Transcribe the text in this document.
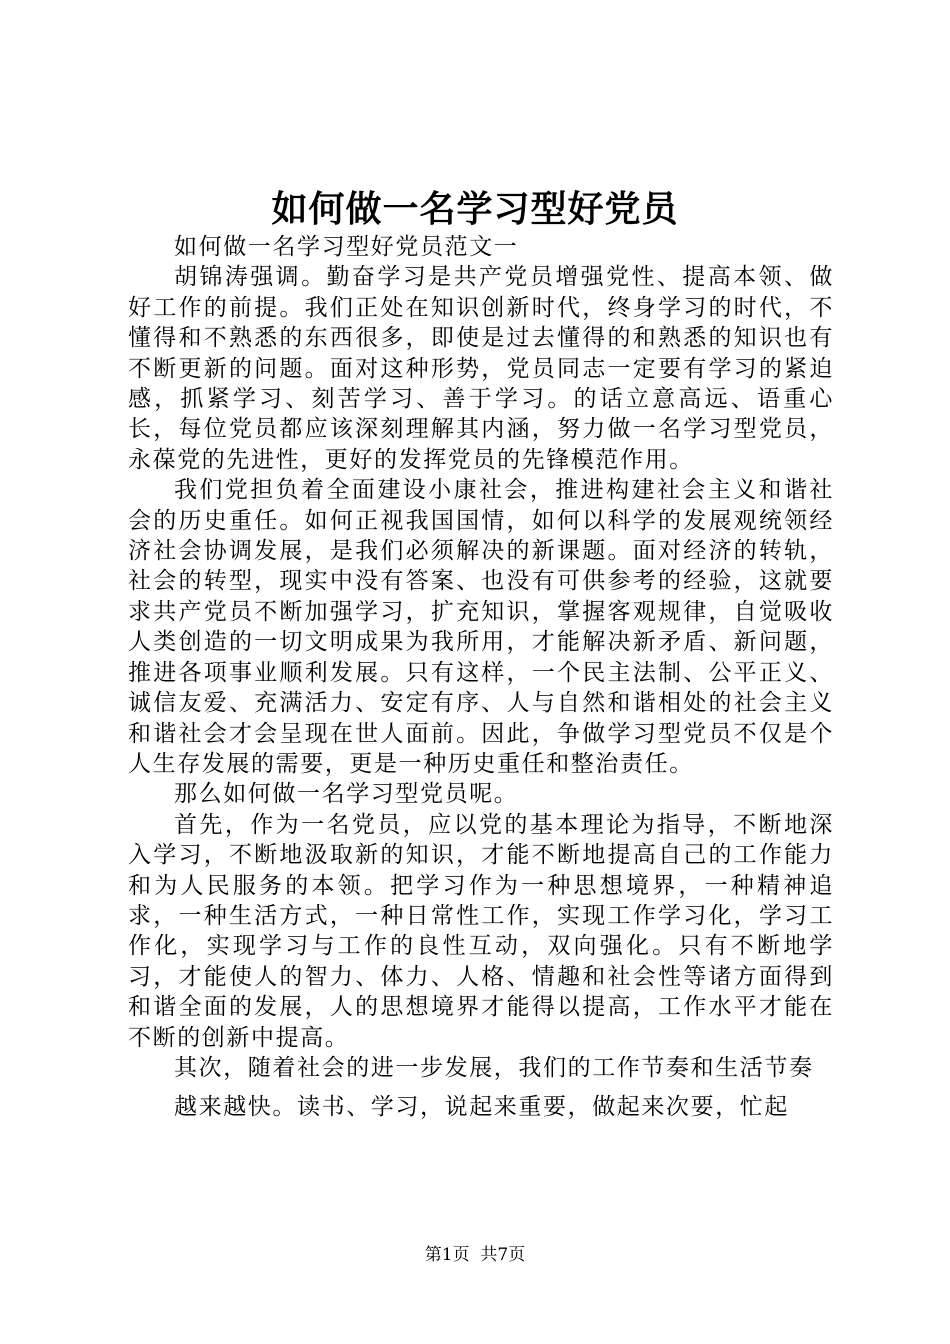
如何做一名学习型好党员

如何做一名学习型好党员范文一

胡锦涛强调。勤奋学习是共产党员增强党性、提高本领、做好工作的前提。我们正处在知识创新时代，终身学习的时代，不懂得和不熟悉的东西很多，即使是过去懂得的和熟悉的知识也有不断更新的问题。面对这种形势，党员同志一定要有学习的紧迫感，抓紧学习、刻苦学习、善于学习。的话立意高远、语重心长，每位党员都应该深刻理解其内涵，努力做一名学习型党员，永葆党的先进性，更好的发挥党员的先锋模范作用。

我们党担负着全面建设小康社会，推进构建社会主义和谐社会的历史重任。如何正视我国国情，如何以科学的发展观统领经济社会协调发展，是我们必须解决的新课题。面对经济的转轨，社会的转型，现实中没有答案、也没有可供参考的经验，这就要求共产党员不断加强学习，扩充知识，掌握客观规律，自觉吸收人类创造的一切文明成果为我所用，才能解决新矛盾、新问题，推进各项事业顺利发展。只有这样，一个民主法制、公平正义、诚信友爱、充满活力、安定有序、人与自然和谐相处的社会主义和谐社会才会呈现在世人面前。因此，争做学习型党员不仅是个人生存发展的需要，更是一种历史重任和整治责任。

那么如何做一名学习型党员呢。

首先，作为一名党员，应以党的基本理论为指导，不断地深入学习，不断地汲取新的知识，才能不断地提高自己的工作能力和为人民服务的本领。把学习作为一种思想境界，一种精神追求，一种生活方式，一种日常性工作，实现工作学习化，学习工作化，实现学习与工作的良性互动，双向强化。只有不断地学习，才能使人的智力、体力、人格、情趣和社会性等诸方面得到和谐全面的发展，人的思想境界才能得以提高，工作水平才能在不断的创新中提高。

其次，随着社会的进一步发展，我们的工作节奏和生活节奏

越来越快。读书、学习，说起来重要，做起来次要，忙起

第1页 共7页
